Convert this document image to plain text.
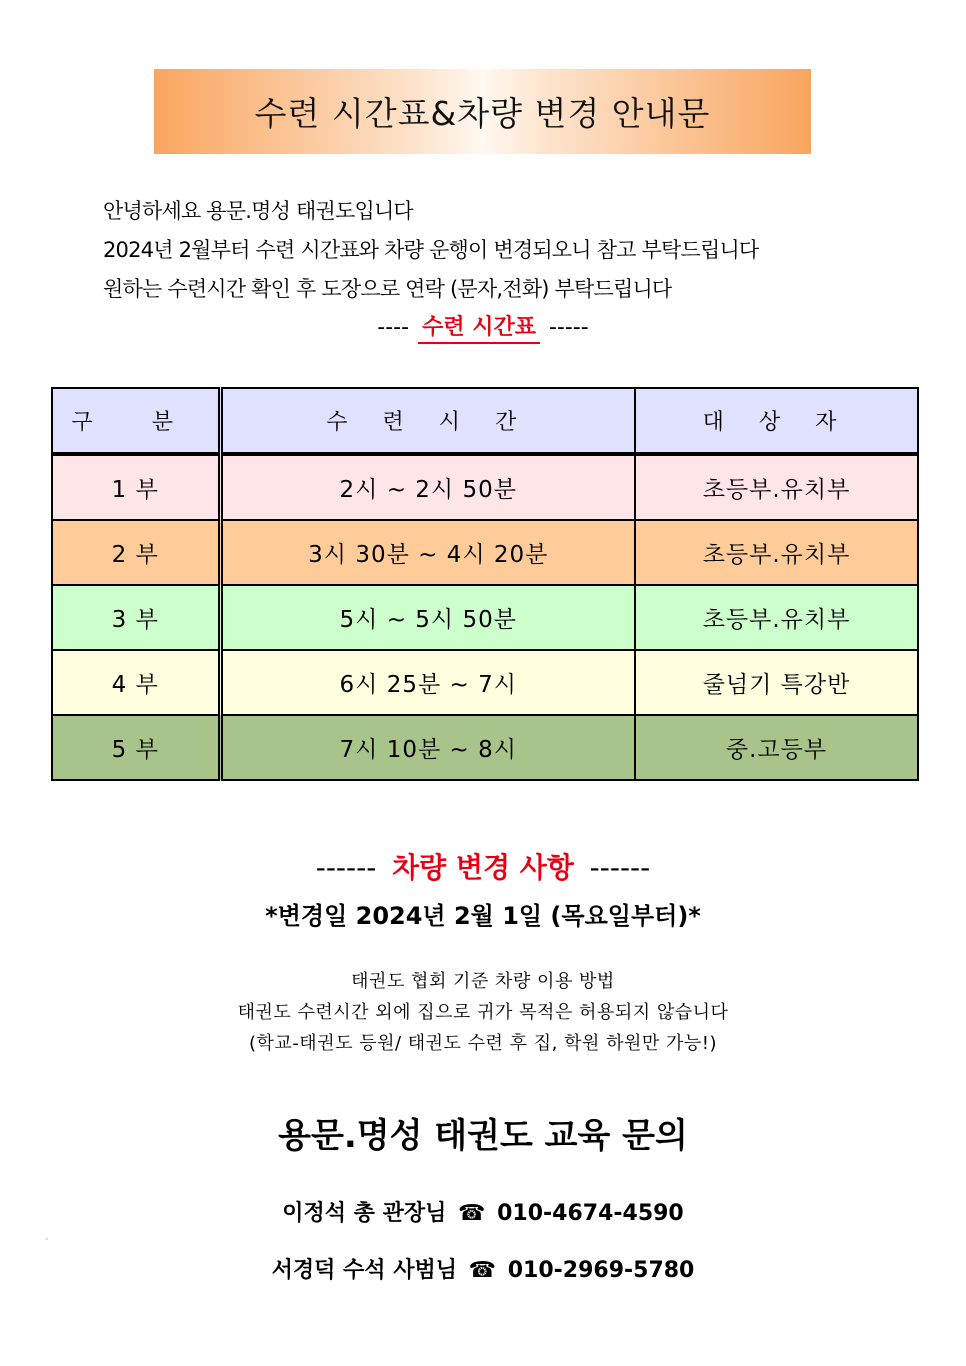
수련 시간표&차량 변경 안내문
안녕하세요 용문.명성 태권도입니다
2024년 2월부터 수련 시간표와 차량 운행이 변경되오니 참고 부탁드립니다
원하는 수련시간 확인 후 도장으로 연락 (문자,전화) 부탁드립니다
---- 수련 시간표 -----
구 분	수 련 시 간	대 상 자
1 부	2시 ~ 2시 50분	초등부.유치부
2 부	3시 30분 ~ 4시 20분	초등부.유치부
3 부	5시 ~ 5시 50분	초등부.유치부
4 부	6시 25분 ~ 7시	줄넘기 특강반
5 부	7시 10분 ~ 8시	중.고등부
------ 차량 변경 사항 ------
*변경일 2024년 2월 1일 (목요일부터)*
태권도 협회 기준 차량 이용 방법
태권도 수련시간 외에 집으로 귀가 목적은 허용되지 않습니다
(학교-태권도 등원/ 태권도 수련 후 집, 학원 하원만 가능!)
용문.명성 태권도 교육 문의
이정석 총 관장님 ☎ 010-4674-4590
서경덕 수석 사범님 ☎ 010-2969-5780
▫
